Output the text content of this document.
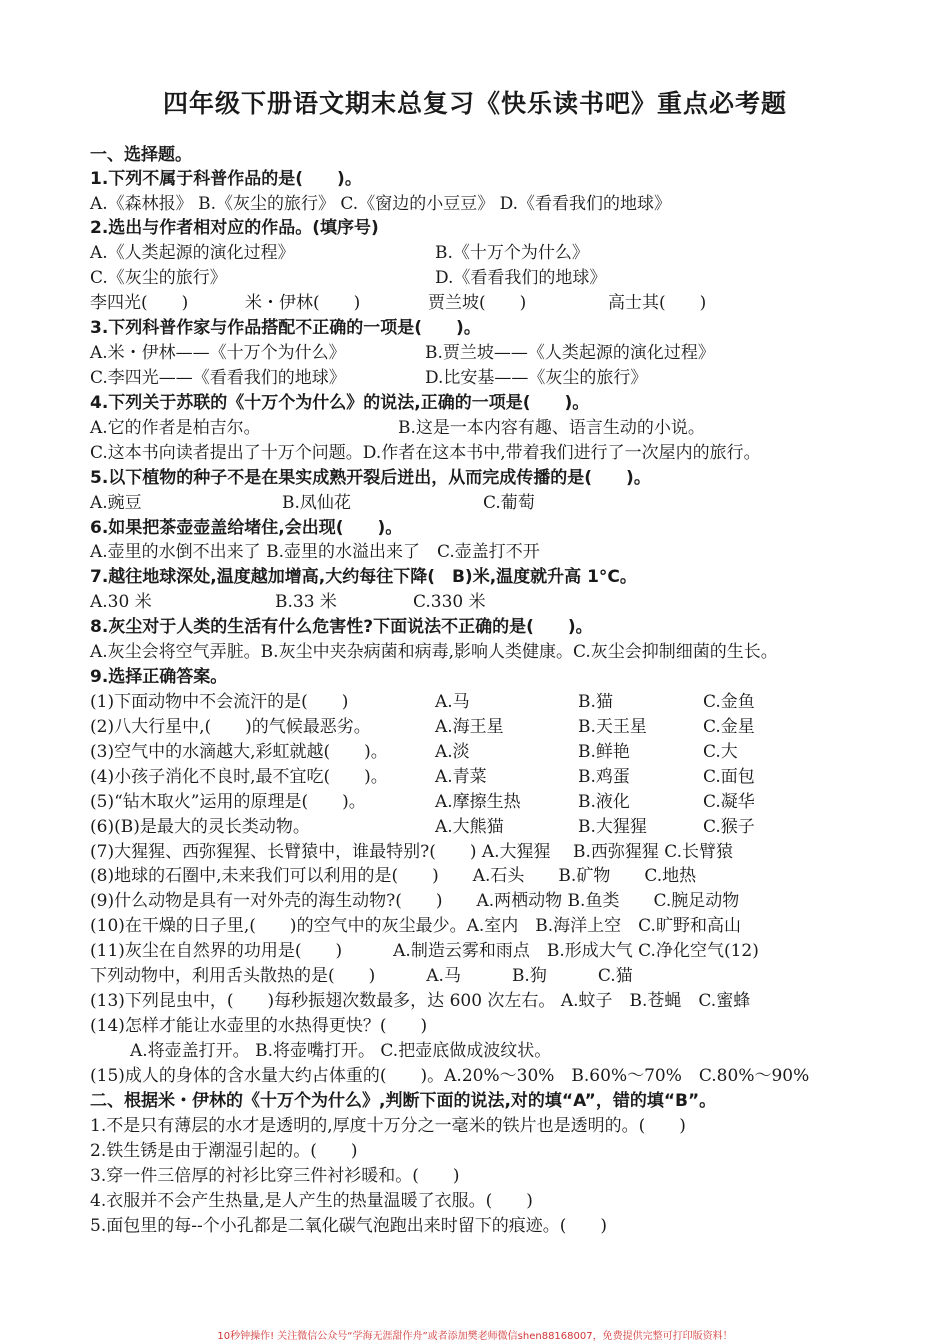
四年级下册语文期末总复习《快乐读书吧》重点必考题
一、选择题。
1.下列不属于科普作品的是(　　)。
A.《森林报》 B.《灰尘的旅行》 C.《窗边的小豆豆》 D.《看看我们的地球》
2.选出与作者相对应的作品。(填序号)
A.《人类起源的演化过程》	B.《十万个为什么》
C.《灰尘的旅行》	D.《看看我们的地球》
李四光(　　)	米・伊林(　　)	贾兰坡(　　)	高士其(　　)
3.下列科普作家与作品搭配不正确的一项是(　　)。
A.米・伊林——《十万个为什么》	B.贾兰坡——《人类起源的演化过程》
C.李四光——《看看我们的地球》	D.比安基——《灰尘的旅行》
4.下列关于苏联的《十万个为什么》的说法,正确的一项是(　　)。
A.它的作者是柏吉尔。	B.这是一本内容有趣、语言生动的小说。
C.这本书向读者提出了十万个问题。D.作者在这本书中,带着我们进行了一次屋内的旅行。
5.以下植物的种子不是在果实成熟开裂后迸出，从而完成传播的是(　　)。
A.豌豆	B.凤仙花	C.葡萄
6.如果把茶壶壶盖给堵住,会出现(　　)。
A.壶里的水倒不出来了 B.壶里的水溢出来了　C.壶盖打不开
7.越往地球深处,温度越加增高,大约每往下降(　B)米,温度就升高 1°C。
A.30 米	B.33 米	C.330 米
8.灰尘对于人类的生活有什么危害性?下面说法不正确的是(　　)。
A.灰尘会将空气弄脏。B.灰尘中夹杂病菌和病毒,影响人类健康。C.灰尘会抑制细菌的生长。
9.选择正确答案。
(1)下面动物中不会流汗的是(　　)	A.马	B.猫	C.金鱼
(2)八大行星中,(　　)的气候最恶劣。	A.海王星	B.天王星	C.金星
(3)空气中的水滴越大,彩虹就越(　　)。	A.淡	B.鲜艳	C.大
(4)小孩子消化不良时,最不宜吃(　　)。	A.青菜	B.鸡蛋	C.面包
(5)“钻木取火”运用的原理是(　　)。	A.摩擦生热	B.液化	C.凝华
(6)(B)是最大的灵长类动物。	A.大熊猫	B.大猩猩	C.猴子
(7)大猩猩、西弥猩猩、长臂猿中，谁最特别?(　　) A.大猩猩　 B.西弥猩猩 C.长臂猿
(8)地球的石圈中,未来我们可以利用的是(　　)　　A.石头　　B.矿物　　C.地热
(9)什么动物是具有一对外壳的海生动物?(　　)　　A.两栖动物 B.鱼类　　C.腕足动物
(10)在干燥的日子里,(　　)的空气中的灰尘最少。A.室内　B.海洋上空　C.旷野和高山
(11)灰尘在自然界的功用是(　　)　　　A.制造云雾和雨点　B.形成大气 C.净化空气(12)
下列动物中，利用舌头散热的是(　　)　　　A.马　　　B.狗　　　C.猫
(13)下列昆虫中，(　　)每秒振翅次数最多，达 600 次左右。 A.蚊子　B.苍蝇　C.蜜蜂
(14)怎样才能让水壶里的水热得更快？(　　)
A.将壶盖打开。 B.将壶嘴打开。 C.把壶底做成波纹状。
(15)成人的身体的含水量大约占体重的(　　)。A.20%～30%　B.60%～70%　C.80%～90%
二、根据米・伊林的《十万个为什么》,判断下面的说法,对的填“A”，错的填“B”。
1.不是只有薄层的水才是透明的,厚度十万分之一毫米的铁片也是透明的。(　　)
2.铁生锈是由于潮湿引起的。(　　)
3.穿一件三倍厚的衬衫比穿三件衬衫暖和。(　　)
4.衣服并不会产生热量,是人产生的热量温暖了衣服。(　　)
5.面包里的每--个小孔都是二氧化碳气泡跑出来时留下的痕迹。(　　)
10秒钟操作! 关注微信公众号“学海无涯甜作舟”或者添加樊老师微信shen88168007，免费提供完整可打印版资料！
